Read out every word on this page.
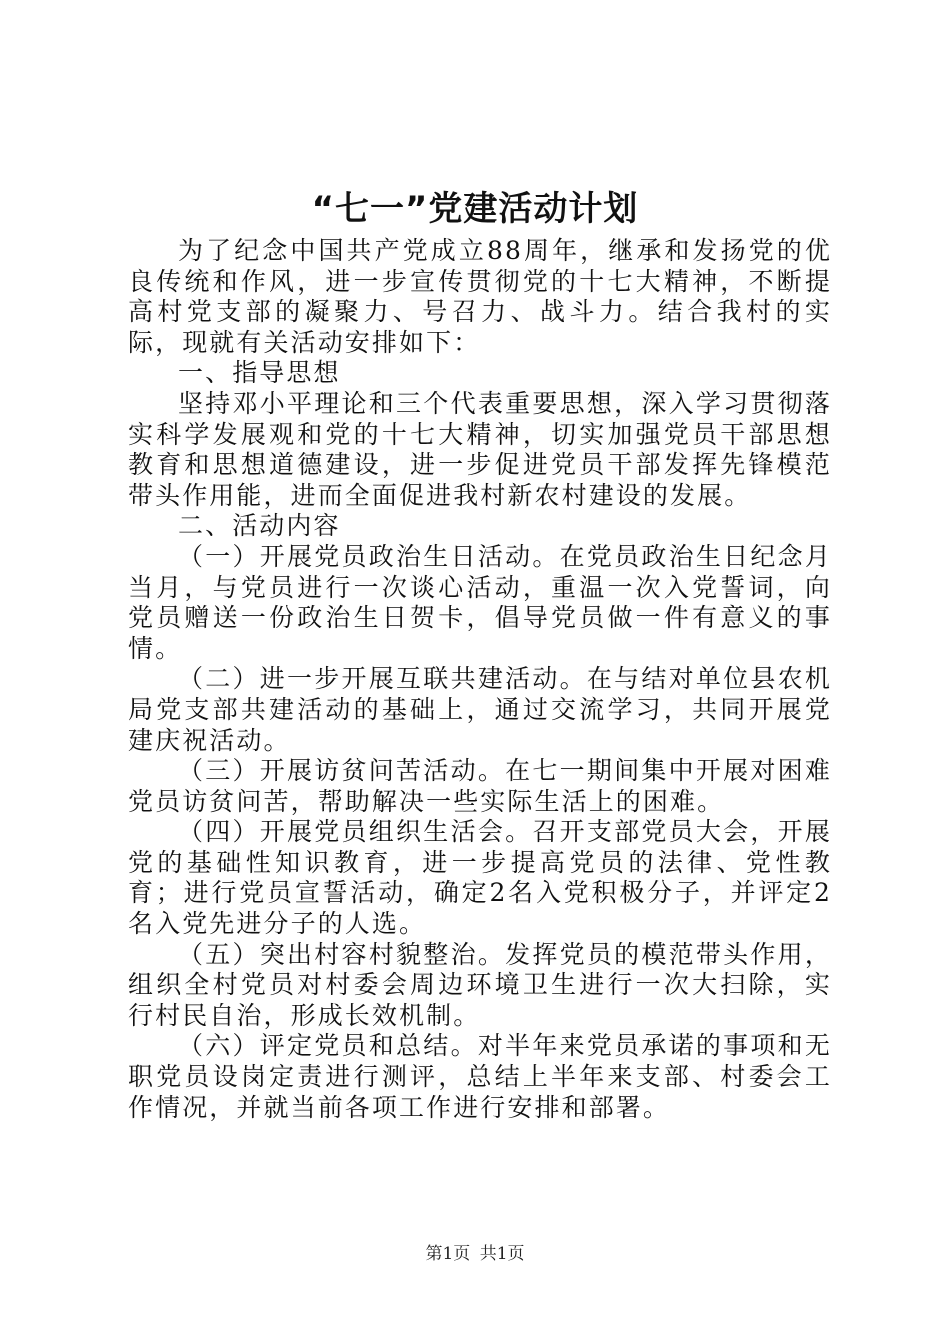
“七一”党建活动计划

为了纪念中国共产党成立88周年，继承和发扬党的优良传统和作风，进一步宣传贯彻党的十七大精神，不断提高村党支部的凝聚力、号召力、战斗力。结合我村的实际，现就有关活动安排如下：

一、指导思想

坚持邓小平理论和三个代表重要思想，深入学习贯彻落实科学发展观和党的十七大精神，切实加强党员干部思想教育和思想道德建设，进一步促进党员干部发挥先锋模范带头作用能，进而全面促进我村新农村建设的发展。

二、活动内容

（一）开展党员政治生日活动。在党员政治生日纪念月当月，与党员进行一次谈心活动，重温一次入党誓词，向党员赠送一份政治生日贺卡，倡导党员做一件有意义的事情。

（二）进一步开展互联共建活动。在与结对单位县农机局党支部共建活动的基础上，通过交流学习，共同开展党建庆祝活动。

（三）开展访贫问苦活动。在七一期间集中开展对困难党员访贫问苦，帮助解决一些实际生活上的困难。

（四）开展党员组织生活会。召开支部党员大会，开展党的基础性知识教育，进一步提高党员的法律、党性教育；进行党员宣誓活动，确定2名入党积极分子，并评定2名入党先进分子的人选。

（五）突出村容村貌整治。发挥党员的模范带头作用，组织全村党员对村委会周边环境卫生进行一次大扫除，实行村民自治，形成长效机制。

（六）评定党员和总结。对半年来党员承诺的事项和无职党员设岗定责进行测评，总结上半年来支部、村委会工作情况，并就当前各项工作进行安排和部署。

第1页 共1页
